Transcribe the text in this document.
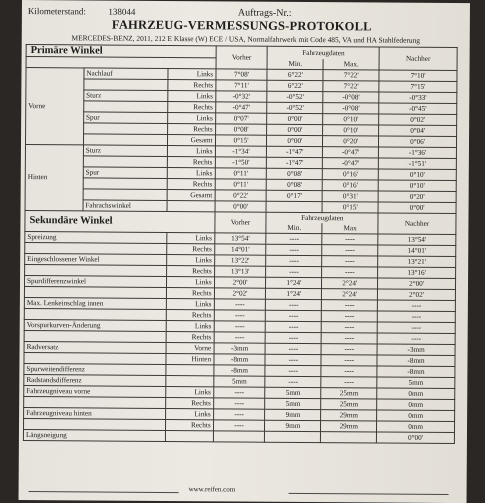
Kilometerstand: 138044	Auftrags-Nr.:
FAHRZEUG-VERMESSUNGS-PROTOKOLL
MERCEDES-BENZ, 2011, 212 E Klasse (W) ECE / USA, Normalfahrwerk mit Code 485, VA und HA Stahlfederung
Primäre Winkel			Vorher	Fahrzeugdaten		Nachher
				Min.	Max.	
Vorne	Nachlauf	Links	7°08'	6°22'	7°22'	7°10'
		Rechts	7°11'	6°22'	7°22'	7°15'
	Sturz	Links	-0°32'	-0°52'	-0°08'	-0°33'
		Rechts	-0°47'	-0°52'	-0°08'	-0°45'
	Spur	Links	0°07'	0°00'	0°10'	0°02'
		Rechts	0°08'	0°00'	0°10'	0°04'
		Gesamt	0°15'	0°00'	0°20'	0°06'
Hinten	Sturz	Links	-1°34'	-1°47'	-0°47'	-1°36'
		Rechts	-1°50'	-1°47'	-0°47'	-1°51'
	Spur	Links	0°11'	0°08'	0°16'	0°10'
		Rechts	0°11'	0°08'	0°16'	0°10'
		Gesamt	0°22'	0°17'	0°31'	0°20'
	Fahrachswinkel		0°00'		0°15'	0°00'
Sekundäre Winkel			Vorher	Fahrzeugdaten		Nachher
				Min.	Max	
Spreizung		Links	13°54'	----	----	13°54'
		Rechts	14°01'	----	----	14°01'
Eingeschlossener Winkel		Links	13°22'	----	----	13°21'
		Rechts	13°13'	----	----	13°16'
Spurdifferenzwinkel		Links	2°00'	1°24'	2°24'	2°00'
		Rechts	2°02'	1°24'	2°24'	2°02'
Max. Lenkeinschlag innen		Links	----	----	----	----
		Rechts	----	----	----	----
Vorspurkurven-Änderung		Links	----	----	----	----
		Rechts	----	----	----	----
Radversatz		Vorne	-3mm	----	----	-3mm
		Hinten	-8mm	----	----	-8mm
Spurweitendifferenz			-8mm	----	----	-8mm
Radstandsdifferenz			5mm	----	----	5mm
Fahrzeugniveau vorne		Links	----	5mm	25mm	0mm
		Rechts	----	5mm	25mm	0mm
Fahrzeugniveau hinten		Links	----	9mm	29mm	0mm
		Rechts	----	9mm	29mm	0mm
Längsneigung						0°00'
www.reifen.com
